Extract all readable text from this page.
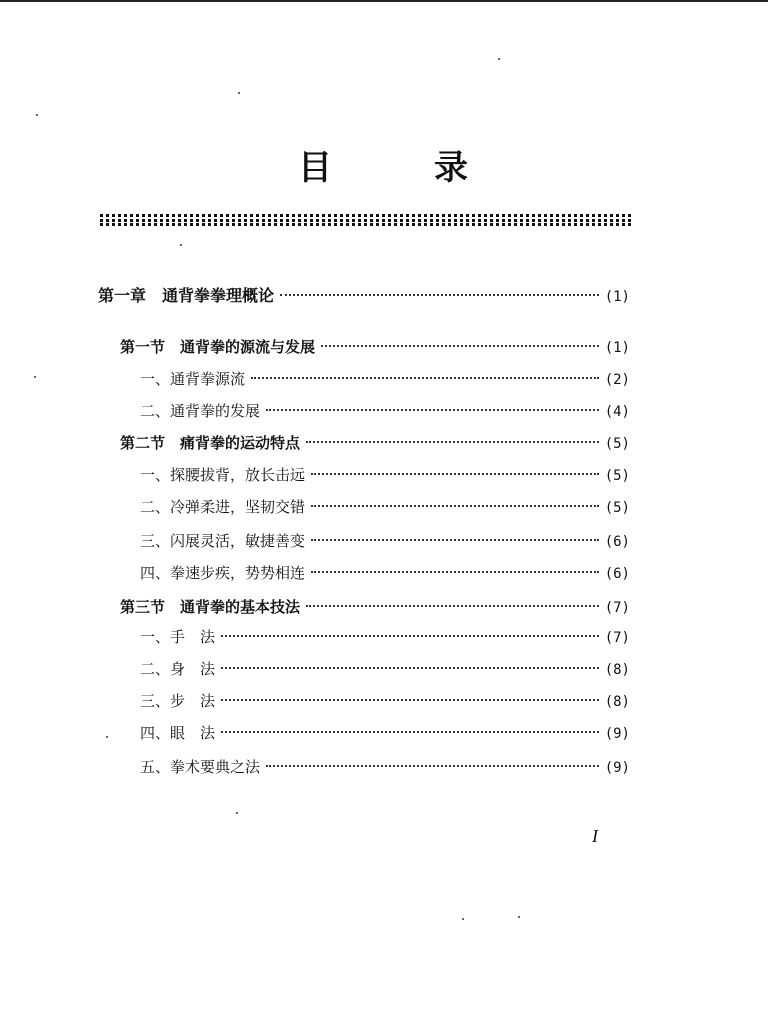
目	录
第一章　通背拳拳理概论	(1)
第一节　通背拳的源流与发展	(1)
一、通背拳源流	(2)
二、通背拳的发展	(4)
第二节　痛背拳的运动特点	(5)
一、探腰拔背，放长击远	(5)
二、冷弹柔进，坚韧交错	(5)
三、闪展灵活，敏捷善变	(6)
四、拳速步疾，势势相连	(6)
第三节　通背拳的基本技法	(7)
一、手　法	(7)
二、身　法	(8)
三、步　法	(8)
四、眼　法	(9)
五、拳术要典之法	(9)
I
